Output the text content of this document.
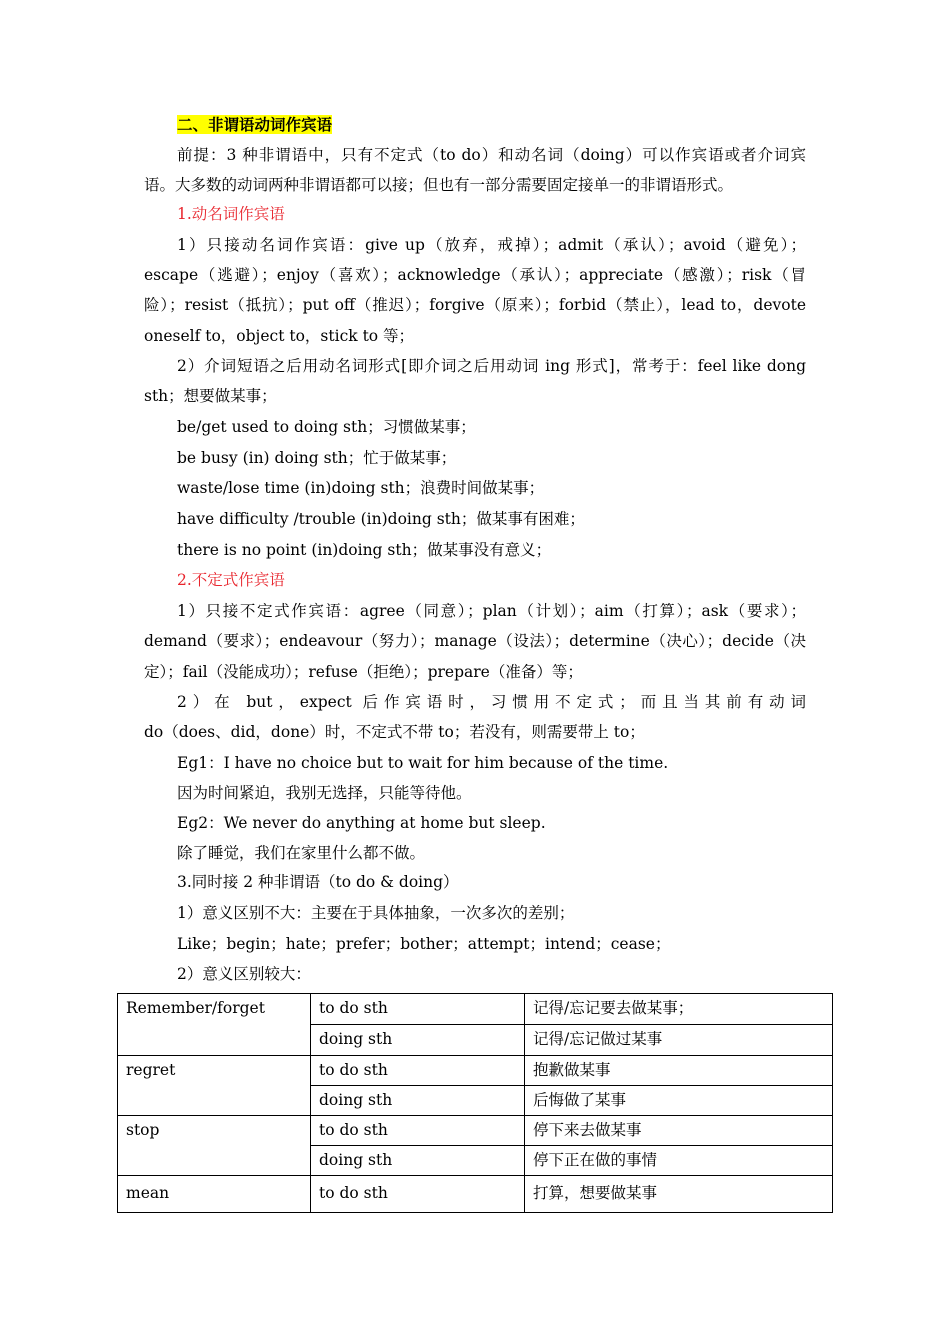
二、非谓语动词作宾语
前提：3 种非谓语中，只有不定式（to do）和动名词（doing）可以作宾语或者介词宾
语。大多数的动词两种非谓语都可以接；但也有一部分需要固定接单一的非谓语形式。
1.动名词作宾语
1）只接动名词作宾语：give up（放弃，戒掉）；admit（承认）；avoid（避免）；
escape（逃避）；enjoy（喜欢）；acknowledge（承认）；appreciate（感激）；risk（冒
险）；resist（抵抗）；put off（推迟）；forgive（原来）；forbid（禁止），lead to，devote
oneself to，object to，stick to 等；
2）介词短语之后用动名词形式[即介词之后用动词 ing 形式]，常考于：feel like dong
sth；想要做某事；
be/get used to doing sth；习惯做某事；
be busy (in) doing sth；忙于做某事；
waste/lose time (in)doing sth；浪费时间做某事；
have difficulty /trouble (in)doing sth；做某事有困难；
there is no point (in)doing sth；做某事没有意义；
2.不定式作宾语
1）只接不定式作宾语：agree（同意）；plan（计划）；aim（打算）；ask（要求）；
demand（要求）；endeavour（努力）；manage（设法）；determine（决心）；decide（决
定）；fail（没能成功）；refuse（拒绝）；prepare（准备）等；
2）在 but，expect 后作宾语时，习惯用不定式；而且当其前有动词
do（does、did，done）时，不定式不带 to；若没有，则需要带上 to；
Eg1：I have no choice but to wait for him because of the time.
因为时间紧迫，我别无选择，只能等待他。
Eg2：We never do anything at home but sleep.
除了睡觉，我们在家里什么都不做。
3.同时接 2 种非谓语（to do & doing）
1）意义区别不大：主要在于具体抽象，一次多次的差别；
Like；begin；hate；prefer；bother；attempt；intend；cease；
2）意义区别较大：
Remember/forget	to do sth	记得/忘记要去做某事；
	doing sth	记得/忘记做过某事
regret	to do sth	抱歉做某事
	doing sth	后悔做了某事
stop	to do sth	停下来去做某事
	doing sth	停下正在做的事情
mean	to do sth	打算，想要做某事
